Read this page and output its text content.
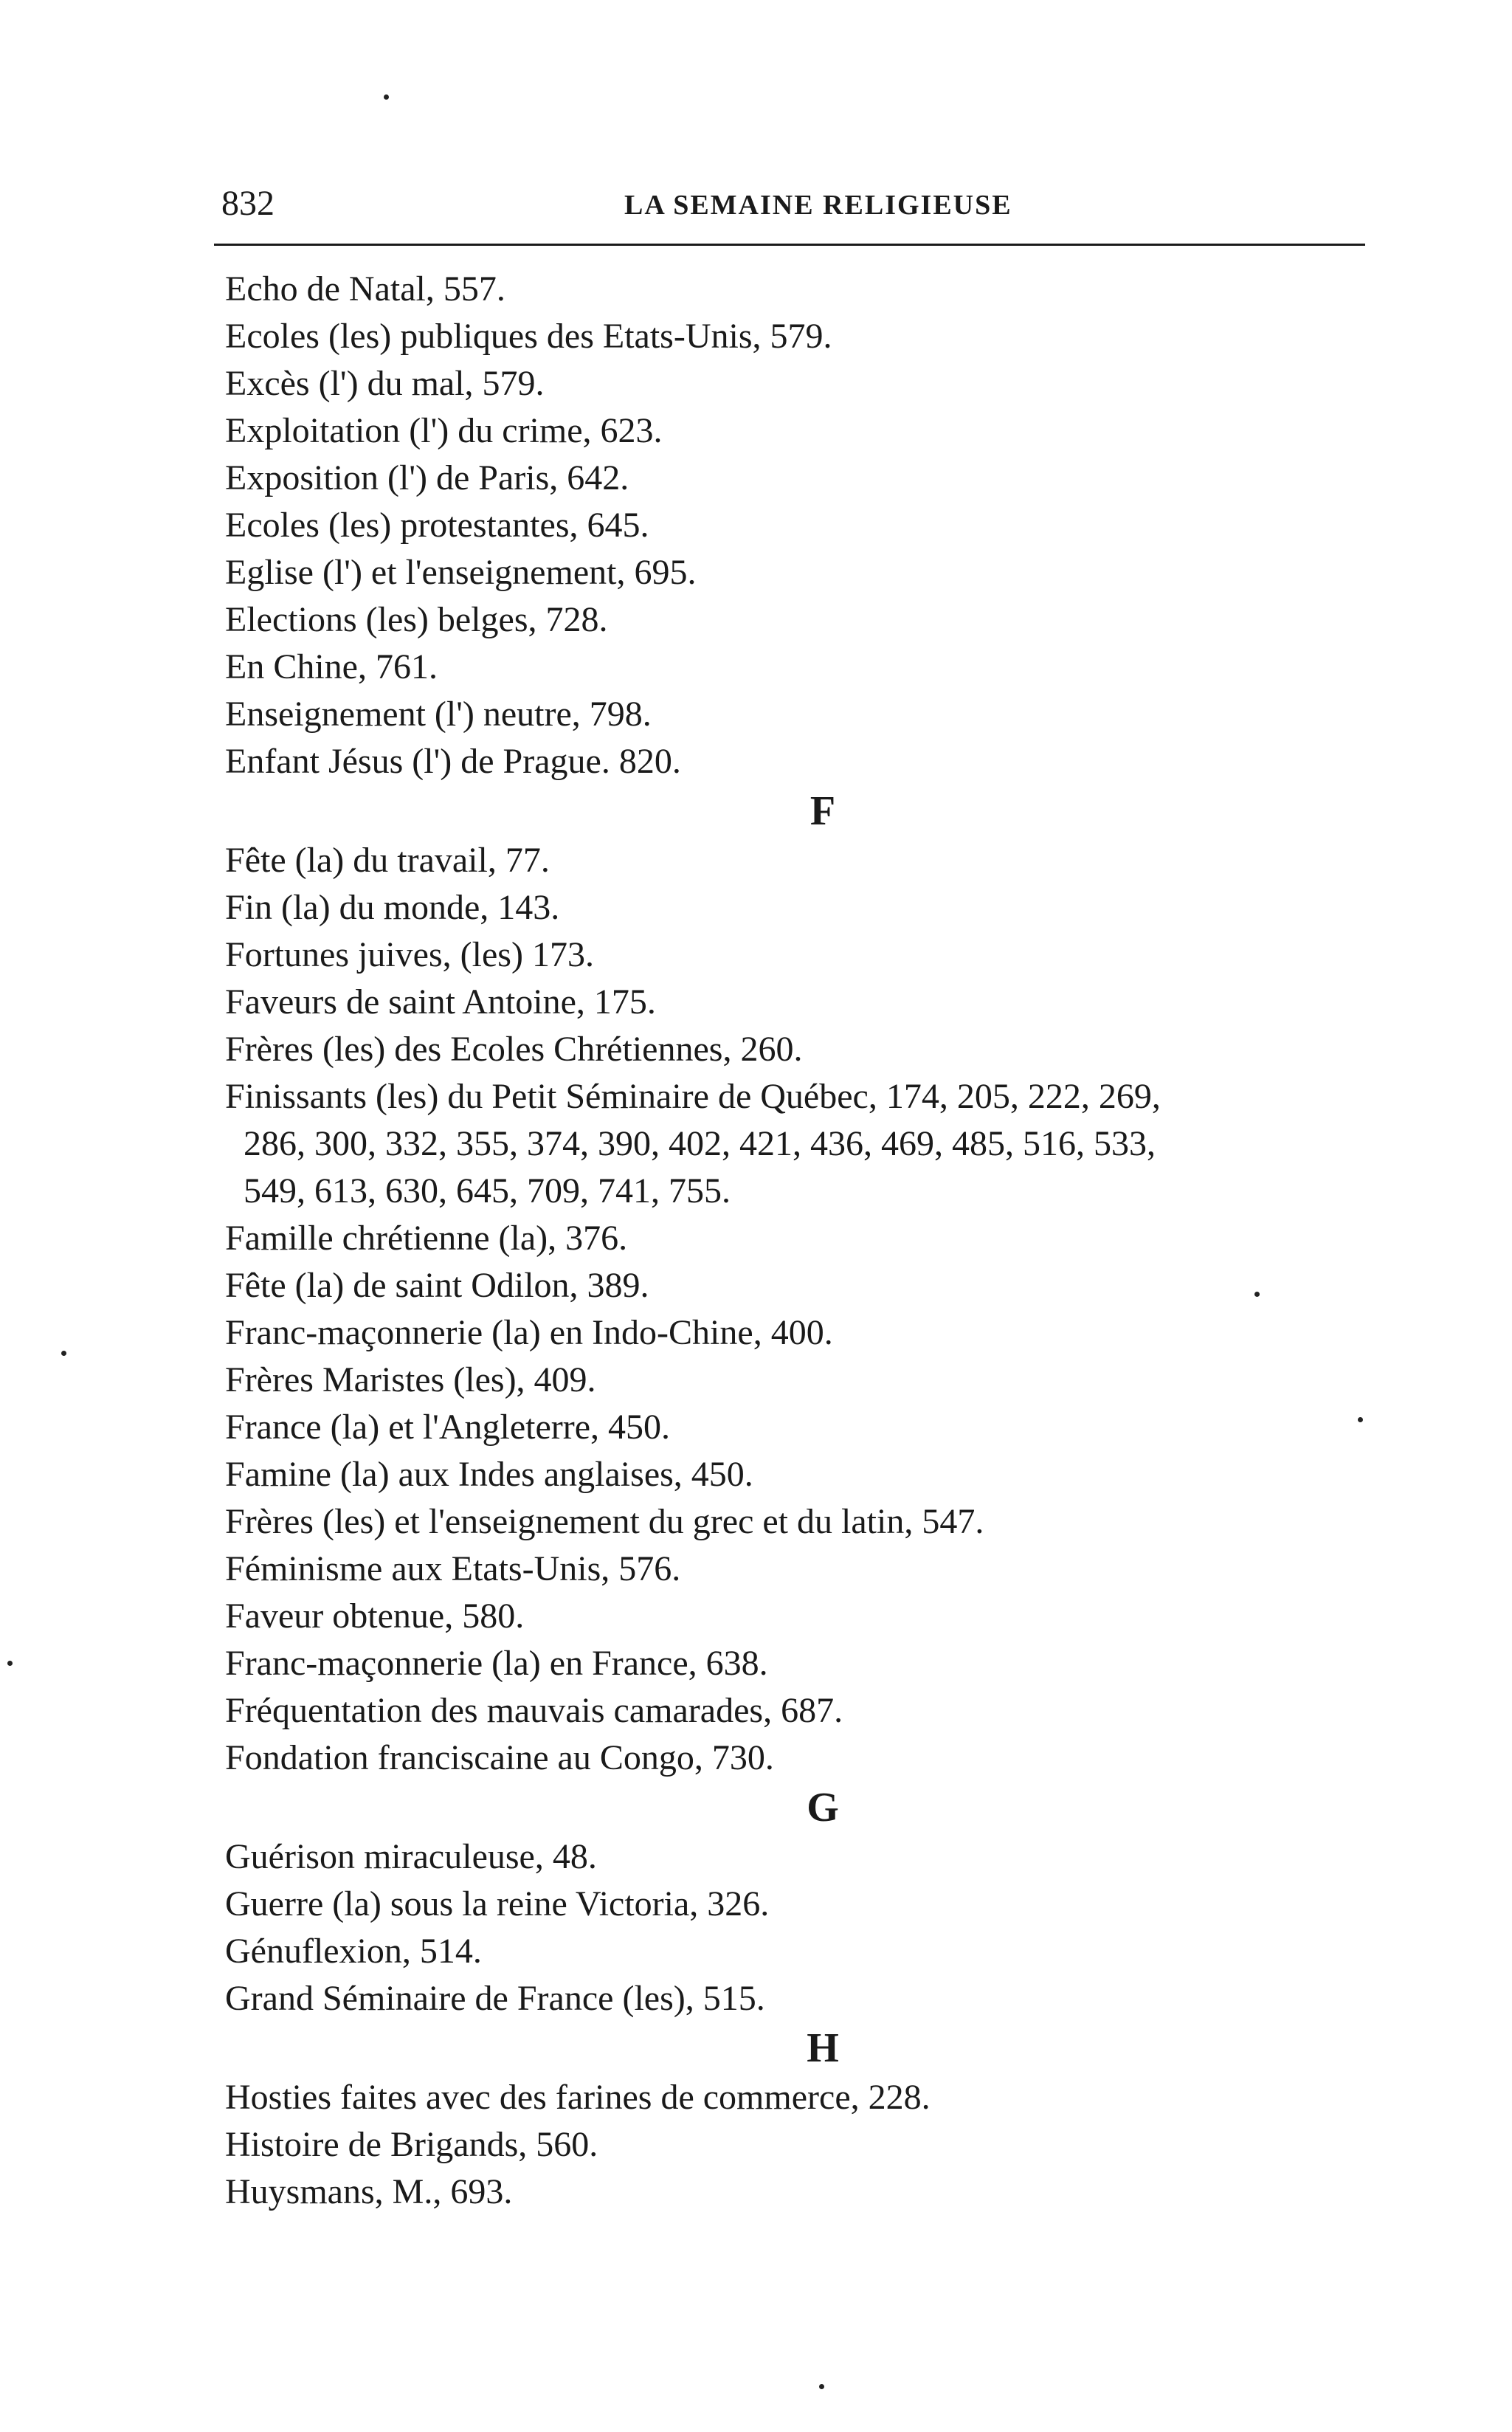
832	LA SEMAINE RELIGIEUSE
Echo de Natal, 557.
Ecoles (les) publiques des Etats-Unis, 579.
Excès (l') du mal, 579.
Exploitation (l') du crime, 623.
Exposition (l') de Paris, 642.
Ecoles (les) protestantes, 645.
Eglise (l') et l'enseignement, 695.
Elections (les) belges, 728.
En Chine, 761.
Enseignement (l') neutre, 798.
Enfant Jésus (l') de Prague. 820.
F
Fête (la) du travail, 77.
Fin (la) du monde, 143.
Fortunes juives, (les) 173.
Faveurs de saint Antoine, 175.
Frères (les) des Ecoles Chrétiennes, 260.
Finissants (les) du Petit Séminaire de Québec, 174, 205, 222, 269,
286, 300, 332, 355, 374, 390, 402, 421, 436, 469, 485, 516, 533,
549, 613, 630, 645, 709, 741, 755.
Famille chrétienne (la), 376.
Fête (la) de saint Odilon, 389.
Franc-maçonnerie (la) en Indo-Chine, 400.
Frères Maristes (les), 409.
France (la) et l'Angleterre, 450.
Famine (la) aux Indes anglaises, 450.
Frères (les) et l'enseignement du grec et du latin, 547.
Féminisme aux Etats-Unis, 576.
Faveur obtenue, 580.
Franc-maçonnerie (la) en France, 638.
Fréquentation des mauvais camarades, 687.
Fondation franciscaine au Congo, 730.
G
Guérison miraculeuse, 48.
Guerre (la) sous la reine Victoria, 326.
Génuflexion, 514.
Grand Séminaire de France (les), 515.
H
Hosties faites avec des farines de commerce, 228.
Histoire de Brigands, 560.
Huysmans, M., 693.
